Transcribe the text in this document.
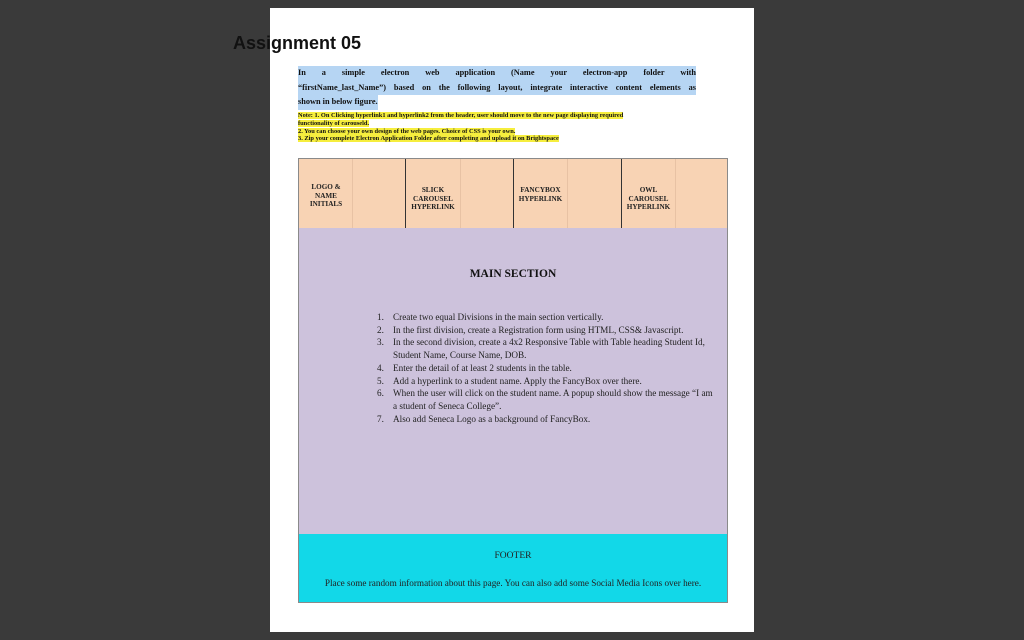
Assignment 05
In a simple electron web application (Name your electron-app folder with
“firstName_last_Name”) based on the following layout, integrate interactive content elements as
shown in below figure.
Note: 1. On Clicking hyperlink1 and hyperlink2 from the header, user should move to the new page displaying required
functionality of carouseld.
2. You can choose your own design of the web pages. Choice of CSS is your own.
3. Zip your complete Electron Application Folder after completing and upload it on Brightspace
LOGO &
NAME
INITIALS
SLICK
CAROUSEL
HYPERLINK
FANCYBOX
HYPERLINK
OWL
CAROUSEL
HYPERLINK
MAIN SECTION
1. Create two equal Divisions in the main section vertically.
2. In the first division, create a Registration form using HTML, CSS& Javascript.
3. In the second division, create a 4x2 Responsive Table with Table heading Student Id, Student Name, Course Name, DOB.
4. Enter the detail of at least 2 students in the table.
5. Add a hyperlink to a student name. Apply the FancyBox over there.
6. When the user will click on the student name. A popup should show the message “I am a student of Seneca College”.
7. Also add Seneca Logo as a background of FancyBox.
FOOTER
Place some random information about this page. You can also add some Social Media Icons over here.
